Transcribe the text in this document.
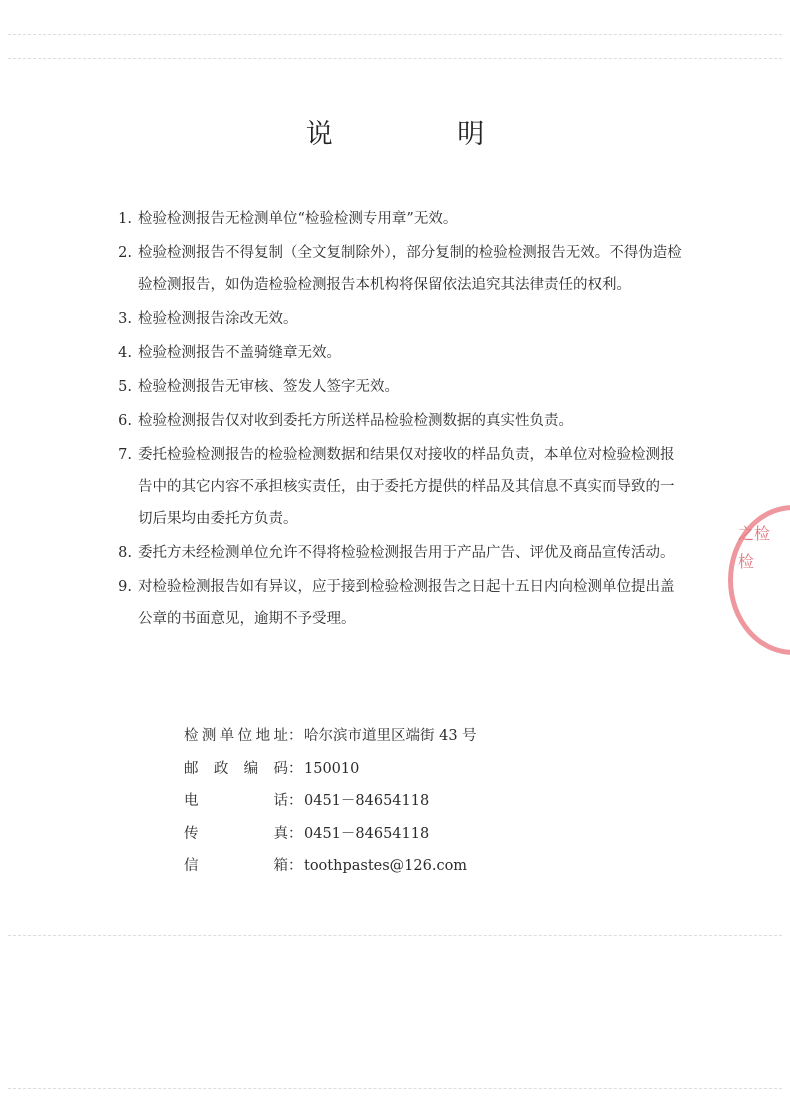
说 明
1. 检验检测报告无检测单位“检验检测专用章”无效。
2. 检验检测报告不得复制（全文复制除外），部分复制的检验检测报告无效。不得伪造检验检测报告，如伪造检验检测报告本机构将保留依法追究其法律责任的权利。
3. 检验检测报告涂改无效。
4. 检验检测报告不盖骑缝章无效。
5. 检验检测报告无审核、签发人签字无效。
6. 检验检测报告仅对收到委托方所送样品检验检测数据的真实性负责。
7. 委托检验检测报告的检验检测数据和结果仅对接收的样品负责，本单位对检验检测报告中的其它内容不承担核实责任，由于委托方提供的样品及其信息不真实而导致的一切后果均由委托方负责。
8. 委托方未经检测单位允许不得将检验检测报告用于产品广告、评优及商品宣传活动。
9. 对检验检测报告如有异议，应于接到检验检测报告之日起十五日内向检测单位提出盖公章的书面意见，逾期不予受理。
检 测 单 位 地 址 ： 哈尔滨市道里区端街 43 号
邮 政 编 码 ： 150010
电	话 ： 0451－84654118
传	真 ： 0451－84654118
信	箱 ： toothpastes@126.com
之检检
